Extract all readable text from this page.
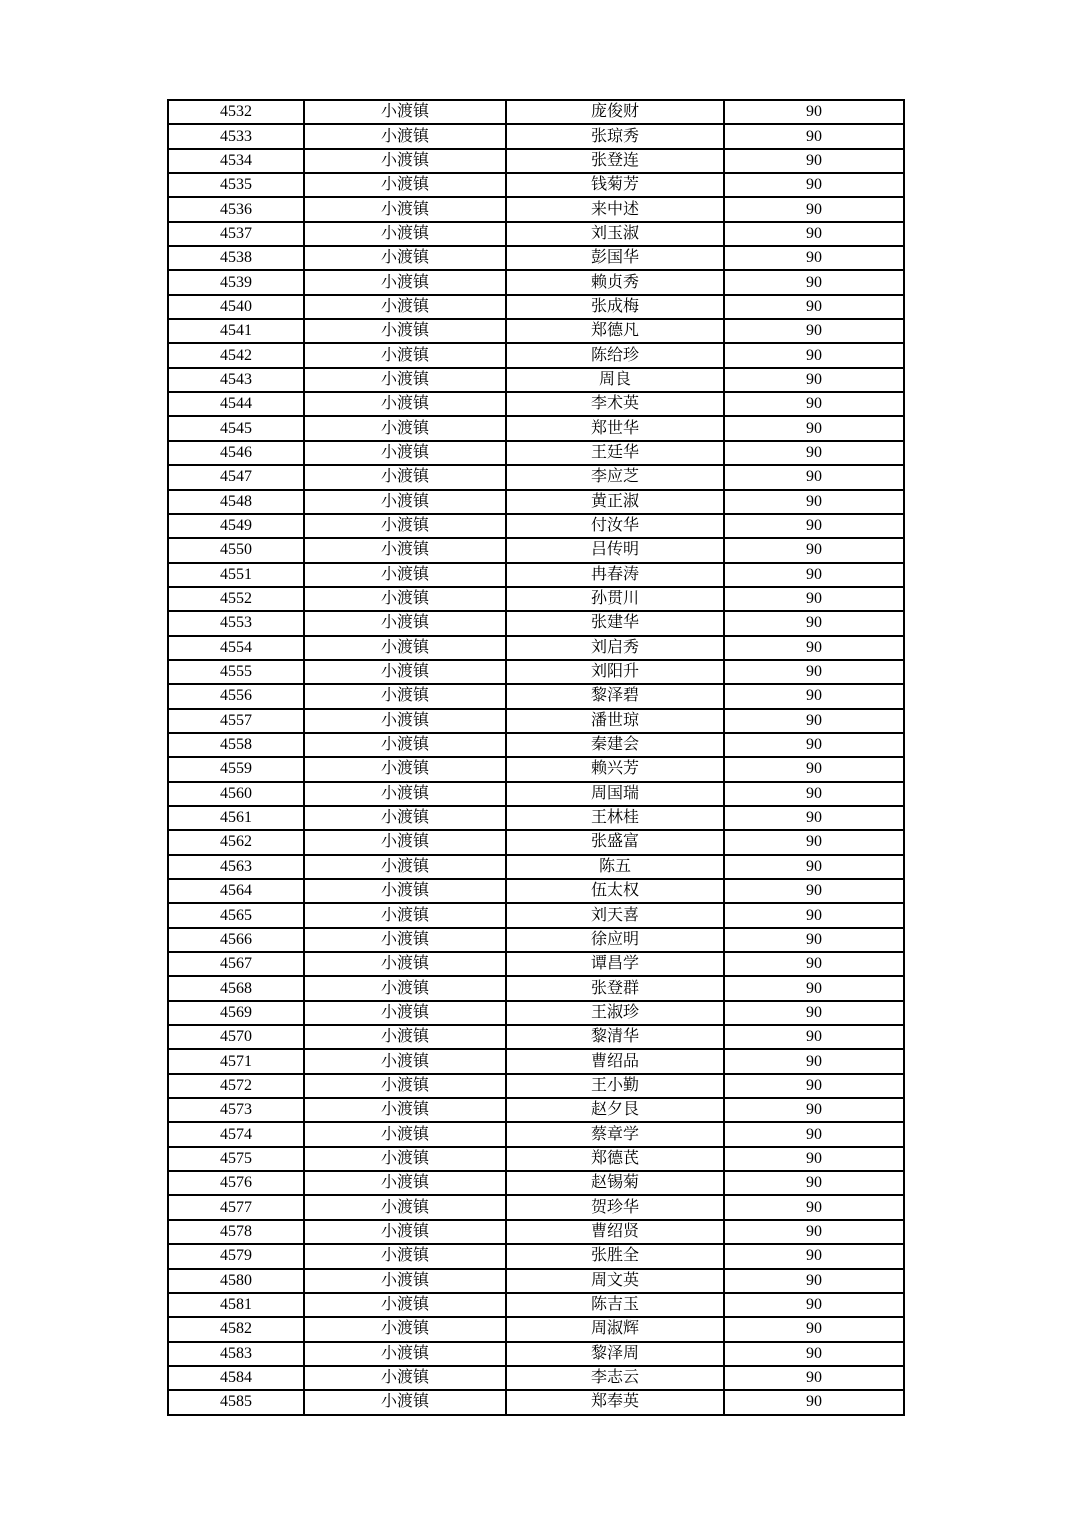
4532	小渡镇	庞俊财	90
4533	小渡镇	张琼秀	90
4534	小渡镇	张登连	90
4535	小渡镇	钱菊芳	90
4536	小渡镇	来中述	90
4537	小渡镇	刘玉淑	90
4538	小渡镇	彭国华	90
4539	小渡镇	赖贞秀	90
4540	小渡镇	张成梅	90
4541	小渡镇	郑德凡	90
4542	小渡镇	陈给珍	90
4543	小渡镇	周良	90
4544	小渡镇	李术英	90
4545	小渡镇	郑世华	90
4546	小渡镇	王廷华	90
4547	小渡镇	李应芝	90
4548	小渡镇	黄正淑	90
4549	小渡镇	付汝华	90
4550	小渡镇	吕传明	90
4551	小渡镇	冉春涛	90
4552	小渡镇	孙贯川	90
4553	小渡镇	张建华	90
4554	小渡镇	刘启秀	90
4555	小渡镇	刘阳升	90
4556	小渡镇	黎泽碧	90
4557	小渡镇	潘世琼	90
4558	小渡镇	秦建会	90
4559	小渡镇	赖兴芳	90
4560	小渡镇	周国瑞	90
4561	小渡镇	王林桂	90
4562	小渡镇	张盛富	90
4563	小渡镇	陈五	90
4564	小渡镇	伍太权	90
4565	小渡镇	刘天喜	90
4566	小渡镇	徐应明	90
4567	小渡镇	谭昌学	90
4568	小渡镇	张登群	90
4569	小渡镇	王淑珍	90
4570	小渡镇	黎清华	90
4571	小渡镇	曹绍品	90
4572	小渡镇	王小勤	90
4573	小渡镇	赵夕艮	90
4574	小渡镇	蔡章学	90
4575	小渡镇	郑德芪	90
4576	小渡镇	赵锡菊	90
4577	小渡镇	贺珍华	90
4578	小渡镇	曹绍贤	90
4579	小渡镇	张胜全	90
4580	小渡镇	周文英	90
4581	小渡镇	陈吉玉	90
4582	小渡镇	周淑辉	90
4583	小渡镇	黎泽周	90
4584	小渡镇	李志云	90
4585	小渡镇	郑奉英	90
